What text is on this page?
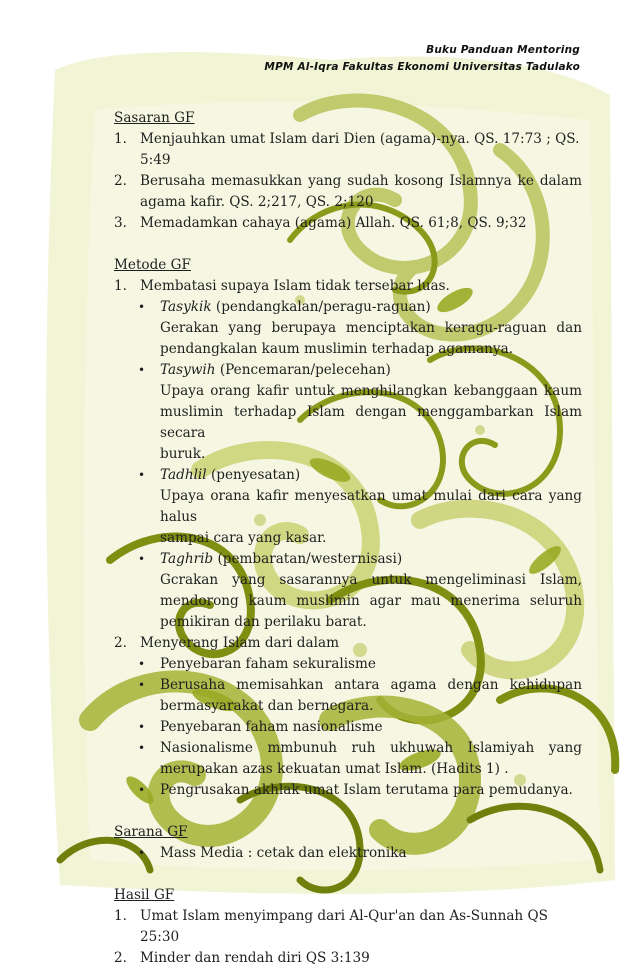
Buku Panduan Mentoring
MPM Al-Iqra Fakultas Ekonomi Universitas Tadulako

Sasaran GF

1. Menjauhkan umat Islam dari Dien (agama)-nya. QS. 17:73 ; QS. 5:49
2. Berusaha memasukkan yang sudah kosong Islamnya ke dalam
agama kafir. QS. 2;217, QS. 2;120
3. Memadamkan cahaya (agama) Allah. QS. 61;8, QS. 9;32

Metode GF

1. Membatasi supaya Islam tidak tersebar luas.
• Tasykik (pendangkalan/peragu-raguan)
Gerakan yang berupaya menciptakan keragu-raguan dan
pendangkalan kaum muslimin terhadap agamanya.
• Tasywih (Pencemaran/pelecehan)
Upaya orang kafir untuk menghilangkan kebanggaan kaum
muslimin terhadap Islam dengan menggambarkan Islam secara
buruk.
• Tadhlil (penyesatan)
Upaya orana kafir menyesatkan umat mulai dari cara yang halus
sampai cara yang kasar.
• Taghrib (pembaratan/westernisasi)
Gcrakan yang sasarannya untuk mengeliminasi Islam,
mendorong kaum muslimin agar mau menerima seluruh
pemikiran dan perilaku barat.
2. Menyerang Islam dari dalam
• Penyebaran faham sekuralisme
• Berusaha memisahkan antara agama dengan kehidupan
bermasyarakat dan bernegara.
• Penyebaran faham nasionalisme
• Nasionalisme mmbunuh ruh ukhuwah Islamiyah yang
merupakan azas kekuatan umat Islam. (Hadits 1) .
• Pengrusakan akhlak umat Islam terutama para pemudanya.

Sarana GF

• Mass Media : cetak dan elektronika

Hasil GF

1. Umat Islam menyimpang dari Al-Qur'an dan As-Sunnah QS 25:30
2. Minder dan rendah diri QS 3:139
